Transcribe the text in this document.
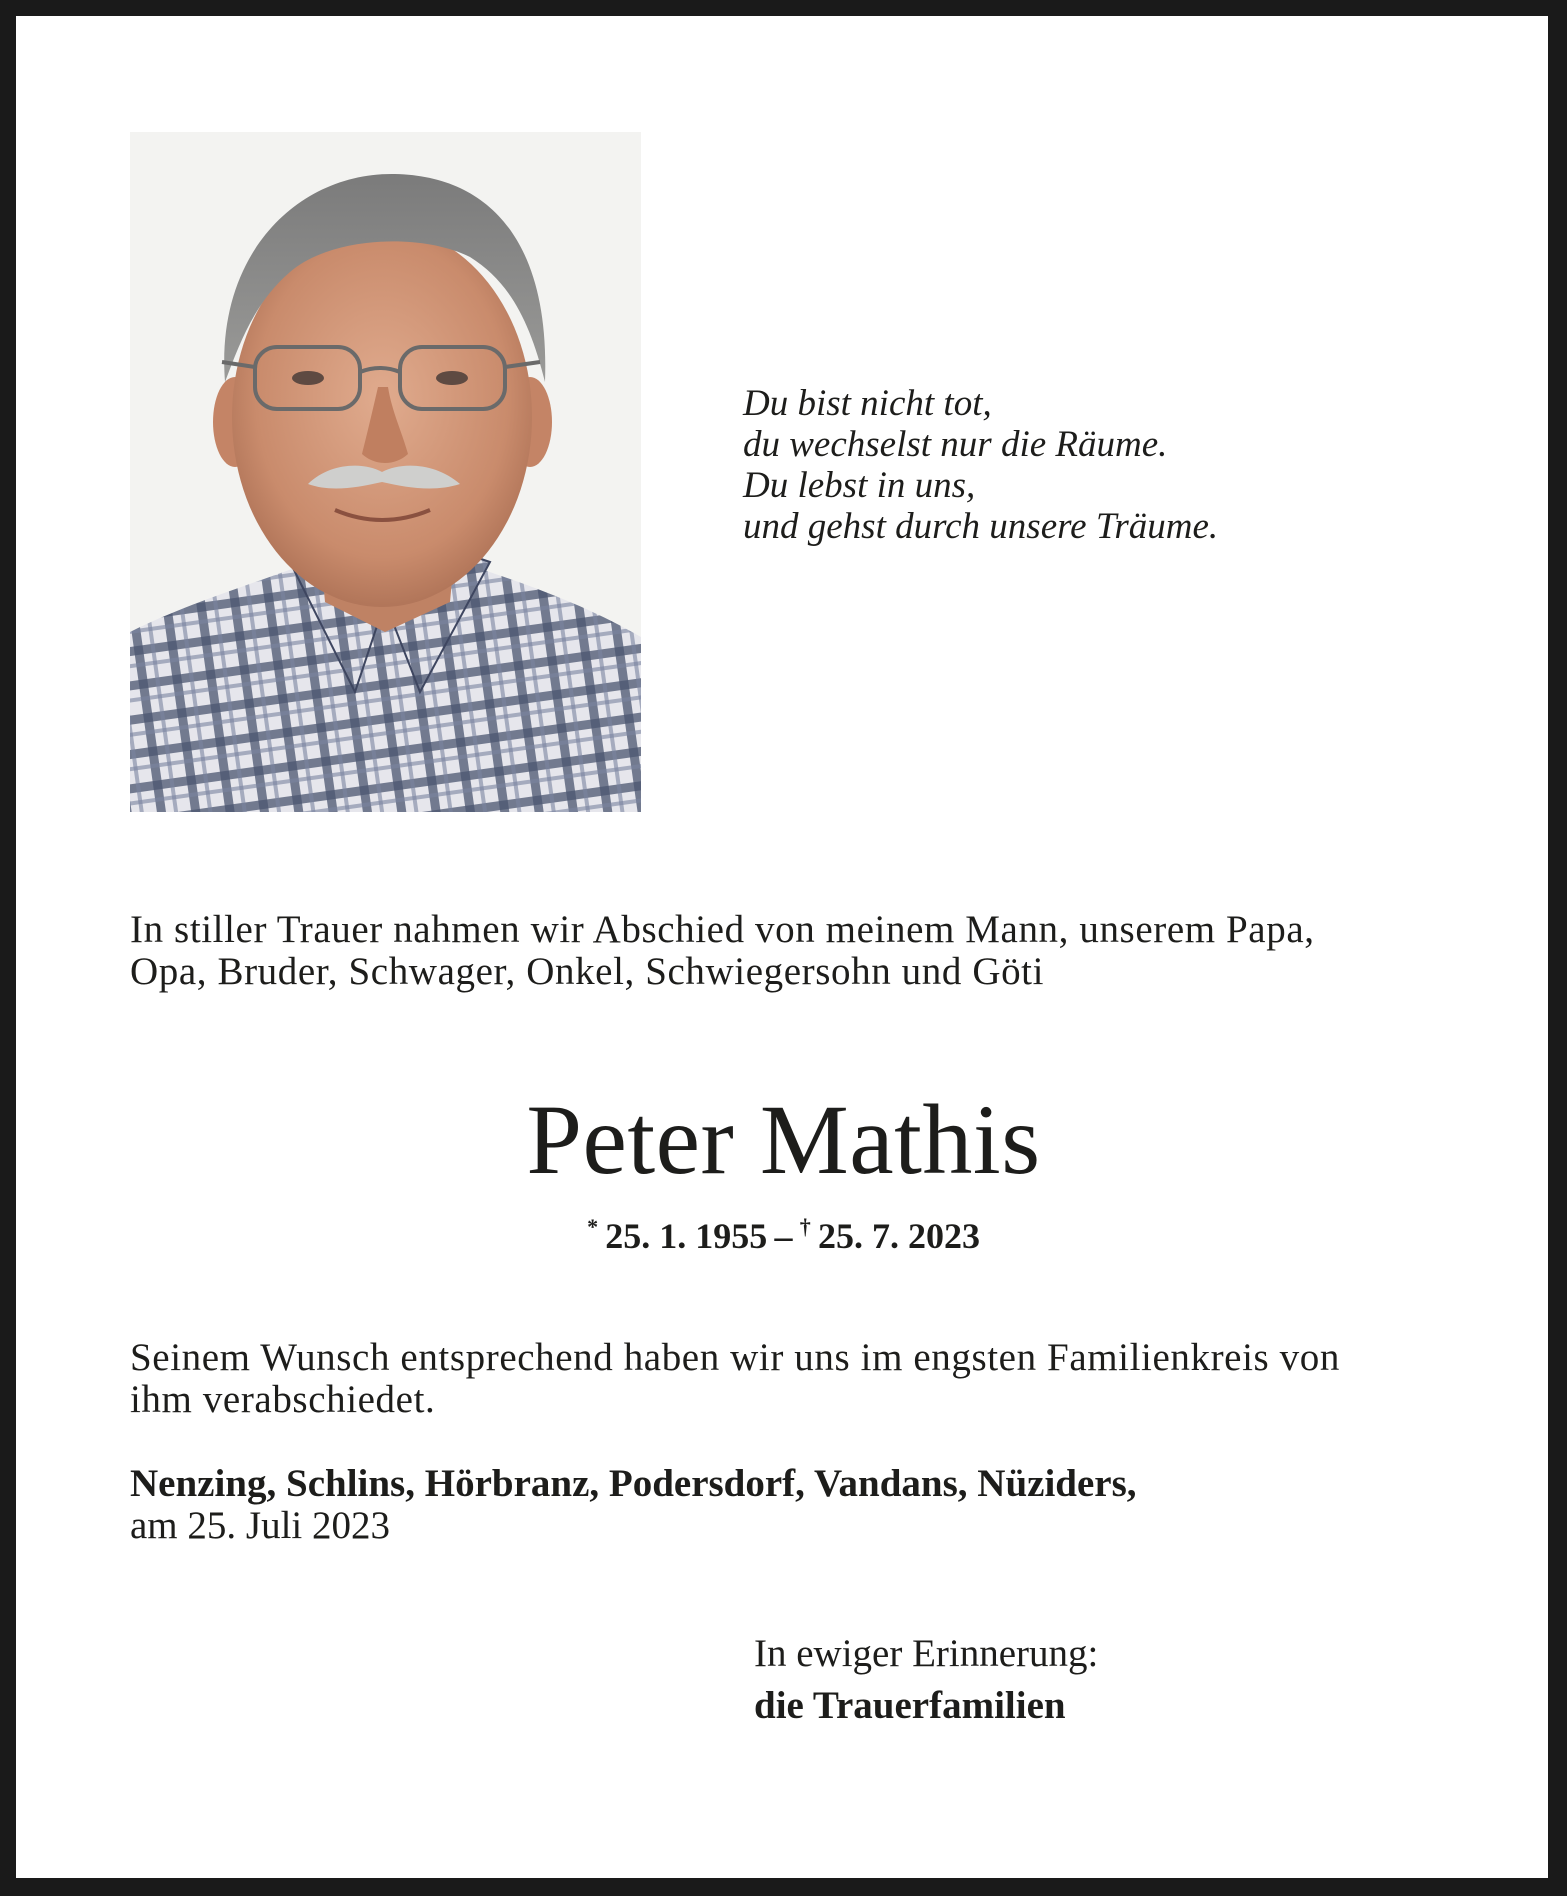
Du bist nicht tot,
du wechselst nur die Räume.
Du lebst in uns,
und gehst durch unsere Träume.
In stiller Trauer nahmen wir Abschied von meinem Mann, unserem Papa,
Opa, Bruder, Schwager, Onkel, Schwiegersohn und Göti
Peter Mathis
*  25. 1. 1955  –  †  25. 7. 2023
Seinem Wunsch entsprechend haben wir uns im engsten Familienkreis von
ihm verabschiedet.
Nenzing, Schlins, Hörbranz, Podersdorf, Vandans, Nüziders,
am 25. Juli 2023
In ewiger Erinnerung:
die Trauerfamilien
